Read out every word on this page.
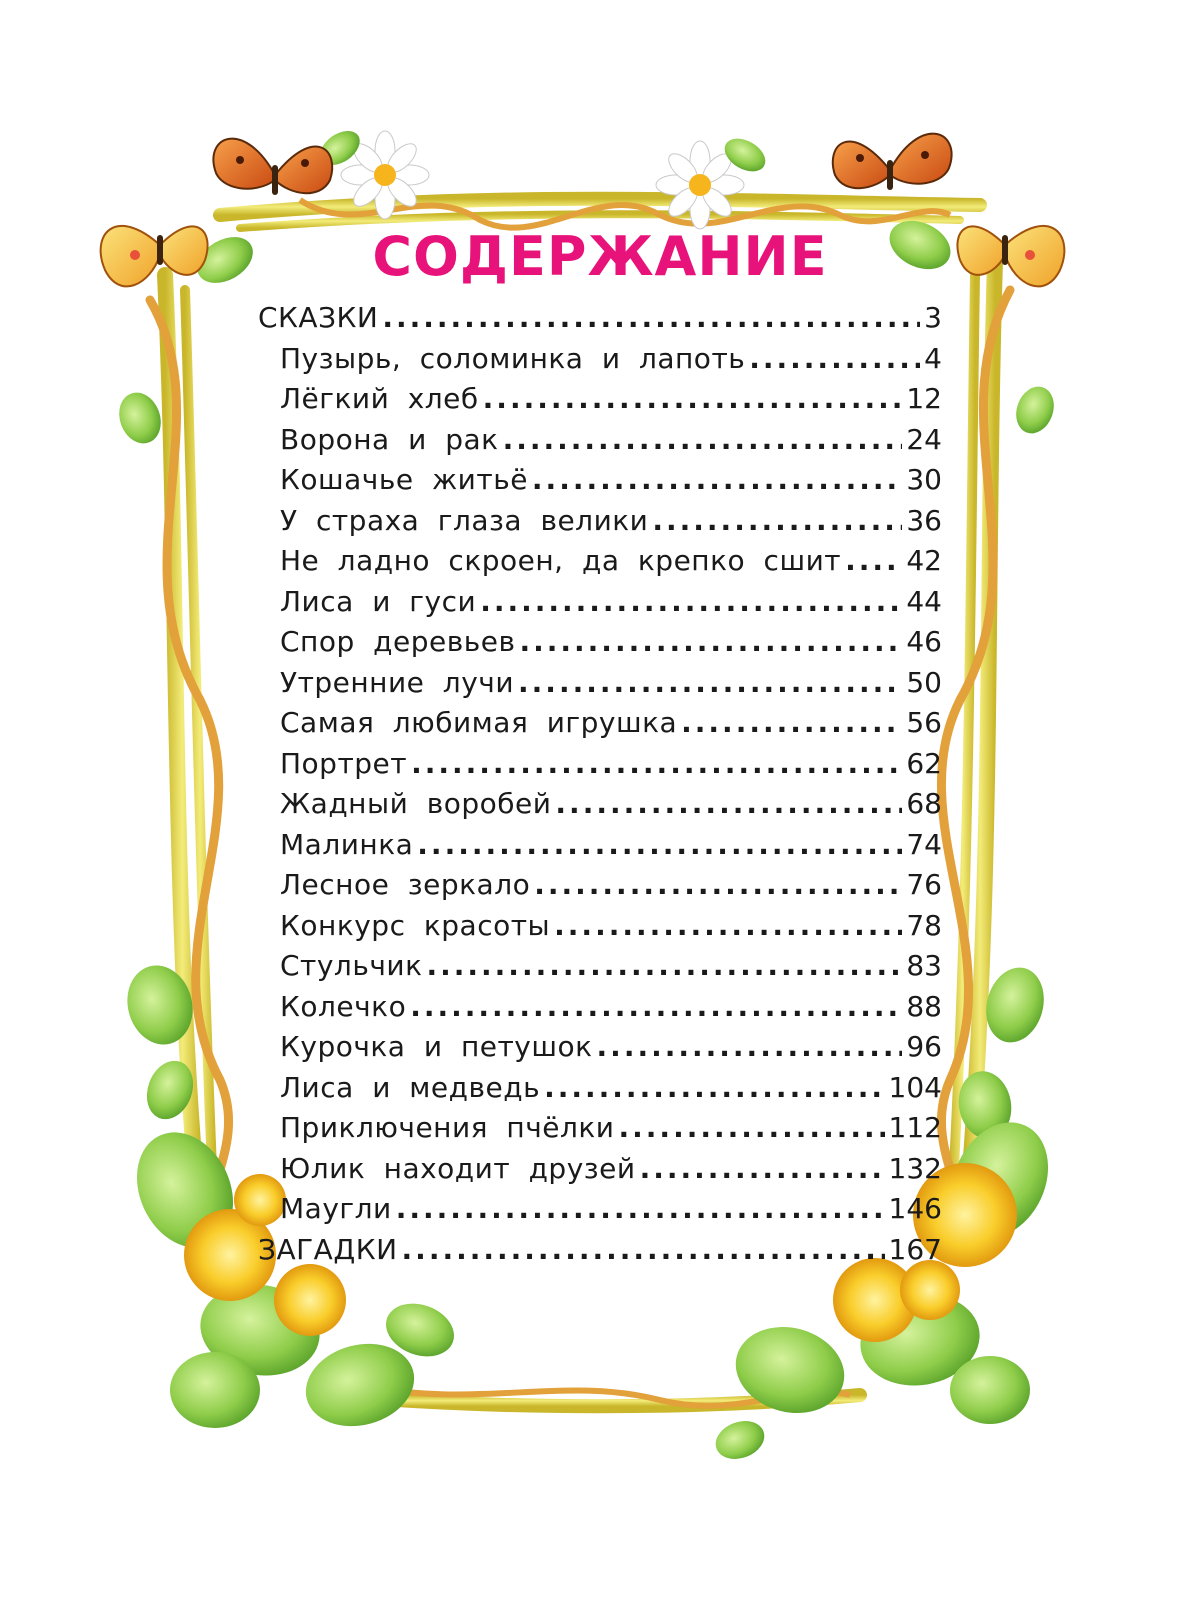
СОДЕРЖАНИЕ
СКАЗКИ .....	3
Пузырь, соломинка и лапоть .....	4
Лёгкий хлеб .....	12
Ворона и рак .....	24
Кошачье житьё .....	30
У страха глаза велики .....	36
Не ладно скроен, да крепко сшит ..... 42
Лиса и гуси .....	44
Спор деревьев .....	46
Утренние лучи .....	50
Самая любимая игрушка .....	56
Портрет .....	62
Жадный воробей .....	68
Малинка .....	74
Лесное зеркало .....	76
Конкурс красоты .....	78
Стульчик .....	83
Колечко .....	88
Курочка и петушок .....	96
Лиса и медведь .....	104
Приключения пчёлки .....	112
Юлик находит друзей .....	132
Маугли .....	146
ЗАГАДКИ .....	167
